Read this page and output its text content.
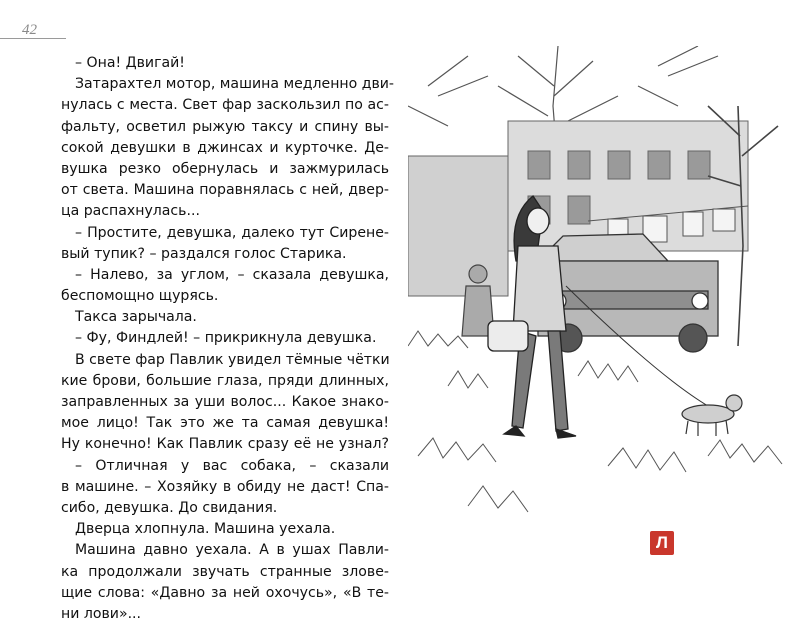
42
– Она! Двигай!
Затарахтел мотор, машина медленно дви-
нулась с места. Свет фар заскользил по ас-
фальту, осветил рыжую таксу и спину вы-
сокой девушки в джинсах и курточке. Де-
вушка резко обернулась и зажмурилась
от света. Машина поравнялась с ней, двер-
ца распахнулась...
– Простите, девушка, далеко тут Сирене-
вый тупик? – раздался голос Старика.
– Налево, за углом, – сказала девушка,
беспомощно щурясь.
Такса зарычала.
– Фу, Финдлей! – прикрикнула девушка.
В свете фар Павлик увидел тёмные чётки
кие брови, большие глаза, пряди длинных,
заправленных за уши волос... Какое знако-
мое лицо! Так это же та самая девушка!
Ну конечно! Как Павлик сразу её не узнал?
– Отличная у вас собака, – сказали
в машине. – Хозяйку в обиду не даст! Спа-
сибо, девушка. До свидания.
Дверца хлопнула. Машина уехала.
Машина давно уехала. А в ушах Павли-
ка продолжали звучать странные злове-
щие слова: «Давно за ней охочусь», «В те-
ни лови»...
Л
